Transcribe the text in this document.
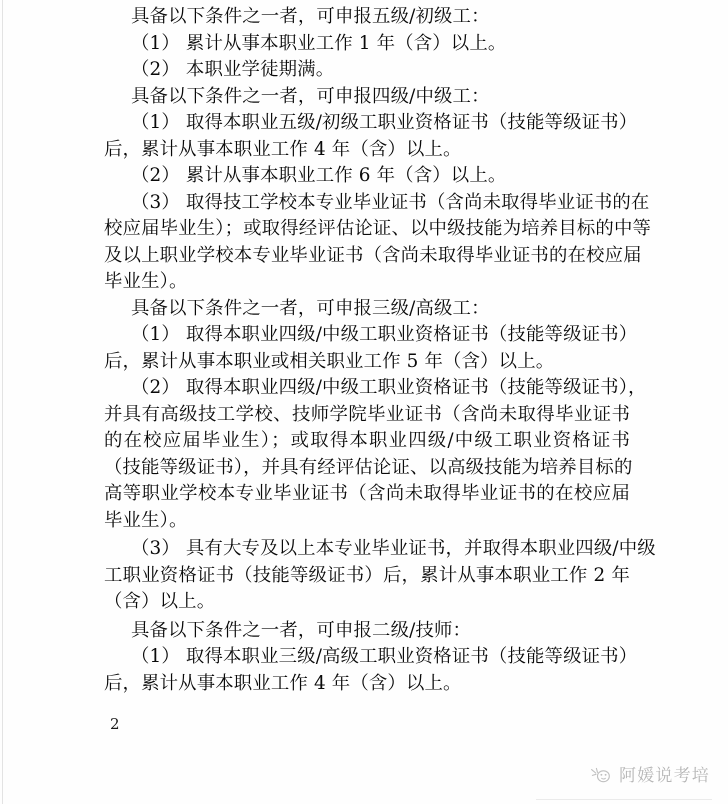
具备以下条件之一者，可申报五级/初级工：
（1） 累计从事本职业工作 1 年（含）以上。
（2） 本职业学徒期满。
具备以下条件之一者，可申报四级/中级工：
（1） 取得本职业五级/初级工职业资格证书（技能等级证书）
后，累计从事本职业工作 4 年（含）以上。
（2） 累计从事本职业工作 6 年（含）以上。
（3） 取得技工学校本专业毕业证书（含尚未取得毕业证书的在
校应届毕业生）；或取得经评估论证、以中级技能为培养目标的中等
及以上职业学校本专业毕业证书（含尚未取得毕业证书的在校应届
毕业生）。
具备以下条件之一者，可申报三级/高级工：
（1） 取得本职业四级/中级工职业资格证书（技能等级证书）
后，累计从事本职业或相关职业工作 5 年（含）以上。
（2） 取得本职业四级/中级工职业资格证书（技能等级证书），
并具有高级技工学校、技师学院毕业证书（含尚未取得毕业证书
的在校应届毕业生）；或取得本职业四级/中级工职业资格证书
（技能等级证书），并具有经评估论证、以高级技能为培养目标的
高等职业学校本专业毕业证书（含尚未取得毕业证书的在校应届
毕业生）。
（3） 具有大专及以上本专业毕业证书，并取得本职业四级/中级
工职业资格证书（技能等级证书）后，累计从事本职业工作 2 年
（含）以上。
具备以下条件之一者，可申报二级/技师：
（1） 取得本职业三级/高级工职业资格证书（技能等级证书）
后，累计从事本职业工作 4 年（含）以上。
2
阿媛说考培
